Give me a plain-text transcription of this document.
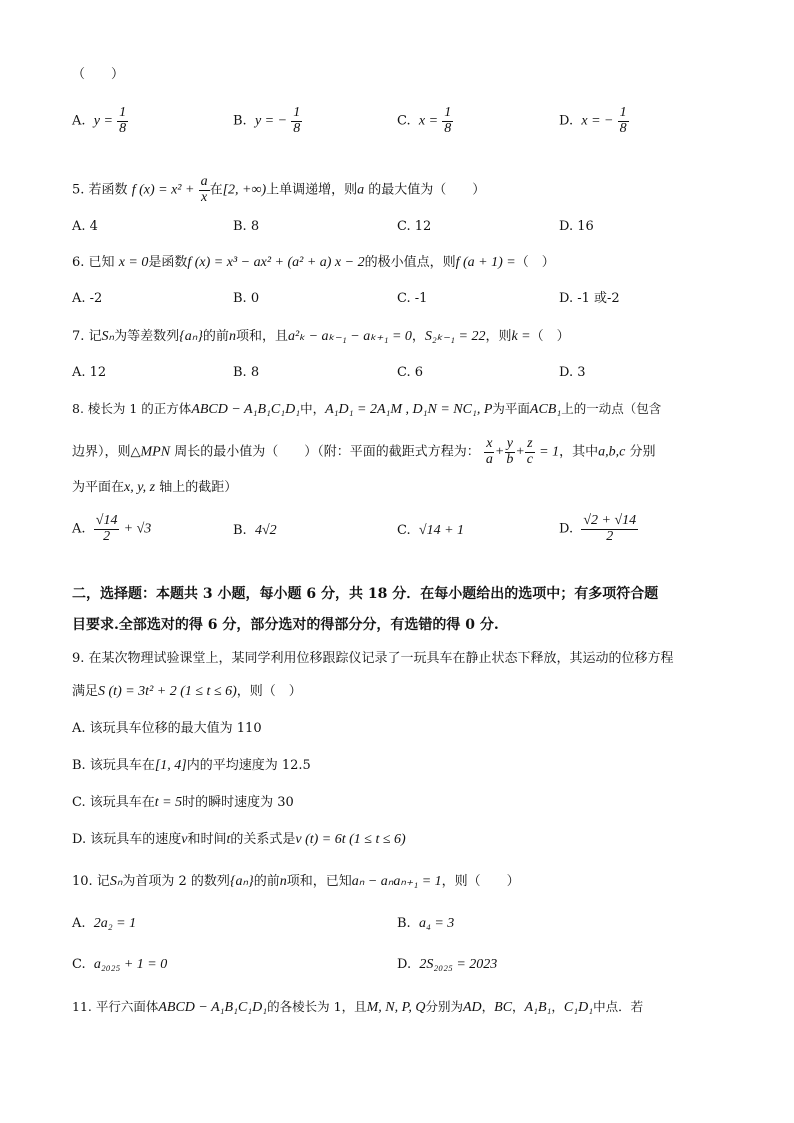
（　　）
A. $y = \frac{1}{8}$	B. y = − $\frac{1}{8}$	C. $x = \frac{1}{8}$	D. x = − $\frac{1}{8}$
5. 若函数 f $(x) = x^2 + \frac{a}{x}$ 在[2, +∞)上单调递增，则a 的最大值为（　　）
A. 4	B. 8	C. 12	D. 16
6. 已知 x = 0是函数f (x) = x³ − ax² + (a² + a) x − 2的极小值点，则f (a + 1) =（　）
A. -2	B. 0	C. -1	D. -1 或-2
7. 记Sₙ为等差数列{aₙ}的前n项和，且a²ₖ − aₖ₋₁ − aₖ₊₁ = 0，S₂ₖ₋₁ = 22，则k =（　）
A. 12	B. 8	C. 6	D. 3
8. 棱长为 1 的正方体ABCD − A₁B₁C₁D₁中，A₁D₁ = 2A₁M , D₁N = NC₁, P为平面ACB₁上的一动点（包含
边界），则△MPN 周长的最小值为（　　）（附：平面的截距式方程为： $\frac{x}{a} + \frac{y}{b} + \frac{z}{c} = 1$，其中a,b,c 分别
为平面在x, y, z 轴上的截距）
A. $\frac{√14}{2} + √3$	B. 4√2	C. √14 + 1	D. $\frac{√2 + √14}{2}$
二，选择题：本题共 3 小题，每小题 6 分，共 18 分．在每小题给出的选项中；有多项符合题
目要求.全部选对的得 6 分，部分选对的得部分分，有选错的得 0 分.
9. 在某次物理试验课堂上，某同学利用位移跟踪仪记录了一玩具车在静止状态下释放，其运动的位移方程
满足S (t) = 3t² + 2 (1 ≤ t ≤ 6)，则（　）
A. 该玩具车位移的最大值为 110
B. 该玩具车在[1, 4]内的平均速度为 12.5
C. 该玩具车在t = 5时的瞬时速度为 30
D. 该玩具车的速度v和时间t的关系式是v (t) = 6t (1 ≤ t ≤ 6)
10. 记Sₙ为首项为 2 的数列{aₙ}的前n项和，已知aₙ − aₙaₙ₊₁ = 1，则（　　）
A. 2a₂ = 1	B. a₄ = 3
C. a₂₀₂₅ + 1 = 0	D. 2S₂₀₂₅ = 2023
11. 平行六面体ABCD − A₁B₁C₁D₁的各棱长为 1，且M, N, P, Q分别为AD，BC，A₁B₁，C₁D₁中点．若
